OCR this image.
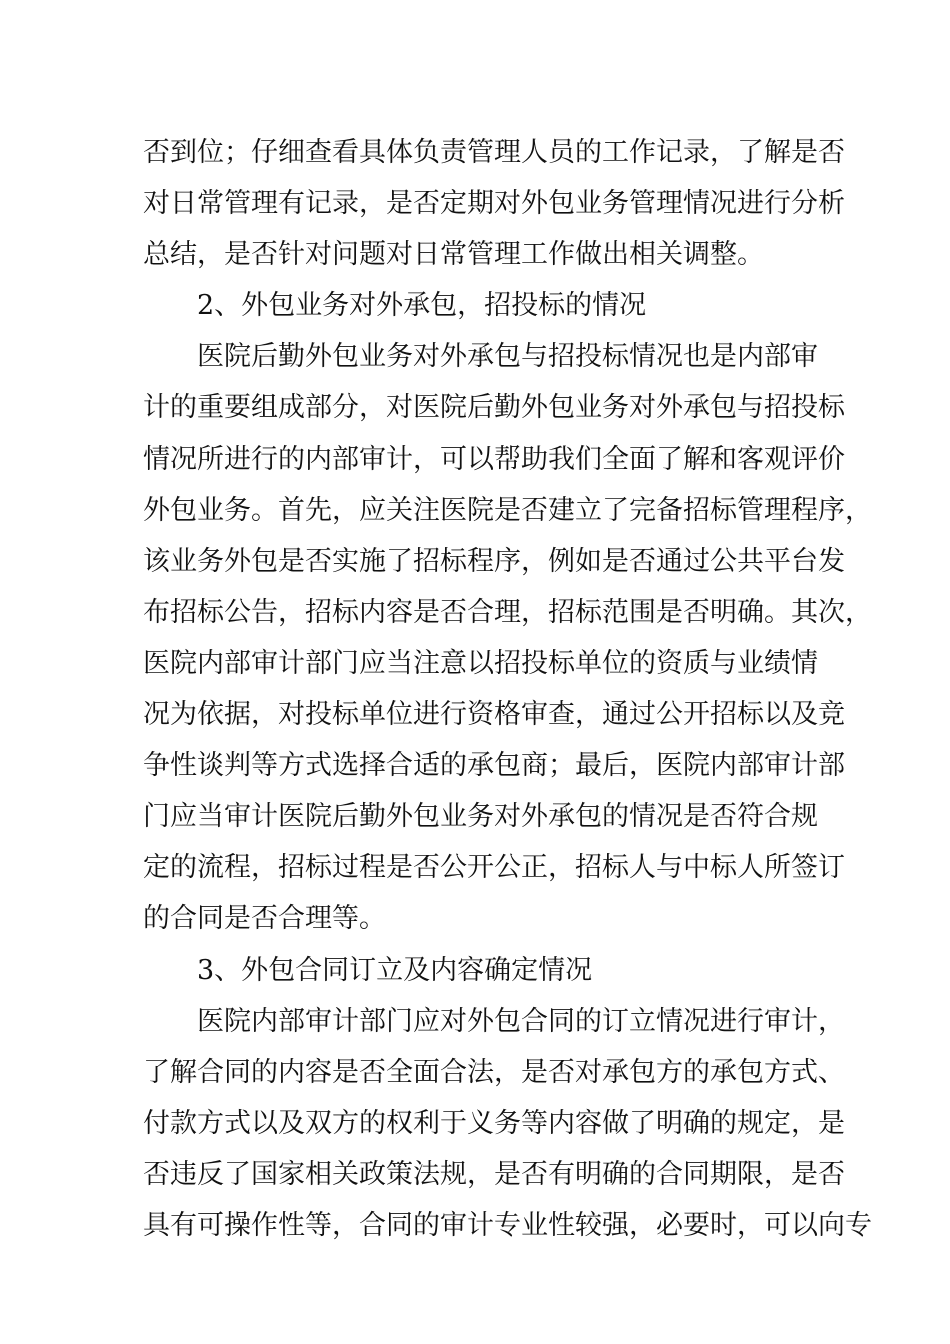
否到位；仔细查看具体负责管理人员的工作记录，了解是否
对日常管理有记录，是否定期对外包业务管理情况进行分析
总结，是否针对问题对日常管理工作做出相关调整。
2、外包业务对外承包，招投标的情况
医院后勤外包业务对外承包与招投标情况也是内部审
计的重要组成部分，对医院后勤外包业务对外承包与招投标
情况所进行的内部审计，可以帮助我们全面了解和客观评价
外包业务。首先，应关注医院是否建立了完备招标管理程序，
该业务外包是否实施了招标程序，例如是否通过公共平台发
布招标公告，招标内容是否合理，招标范围是否明确。其次，
医院内部审计部门应当注意以招投标单位的资质与业绩情
况为依据，对投标单位进行资格审查，通过公开招标以及竞
争性谈判等方式选择合适的承包商；最后，医院内部审计部
门应当审计医院后勤外包业务对外承包的情况是否符合规
定的流程，招标过程是否公开公正，招标人与中标人所签订
的合同是否合理等。
3、外包合同订立及内容确定情况
医院内部审计部门应对外包合同的订立情况进行审计，
了解合同的内容是否全面合法，是否对承包方的承包方式、
付款方式以及双方的权利于义务等内容做了明确的规定，是
否违反了国家相关政策法规，是否有明确的合同期限，是否
具有可操作性等，合同的审计专业性较强，必要时，可以向专
